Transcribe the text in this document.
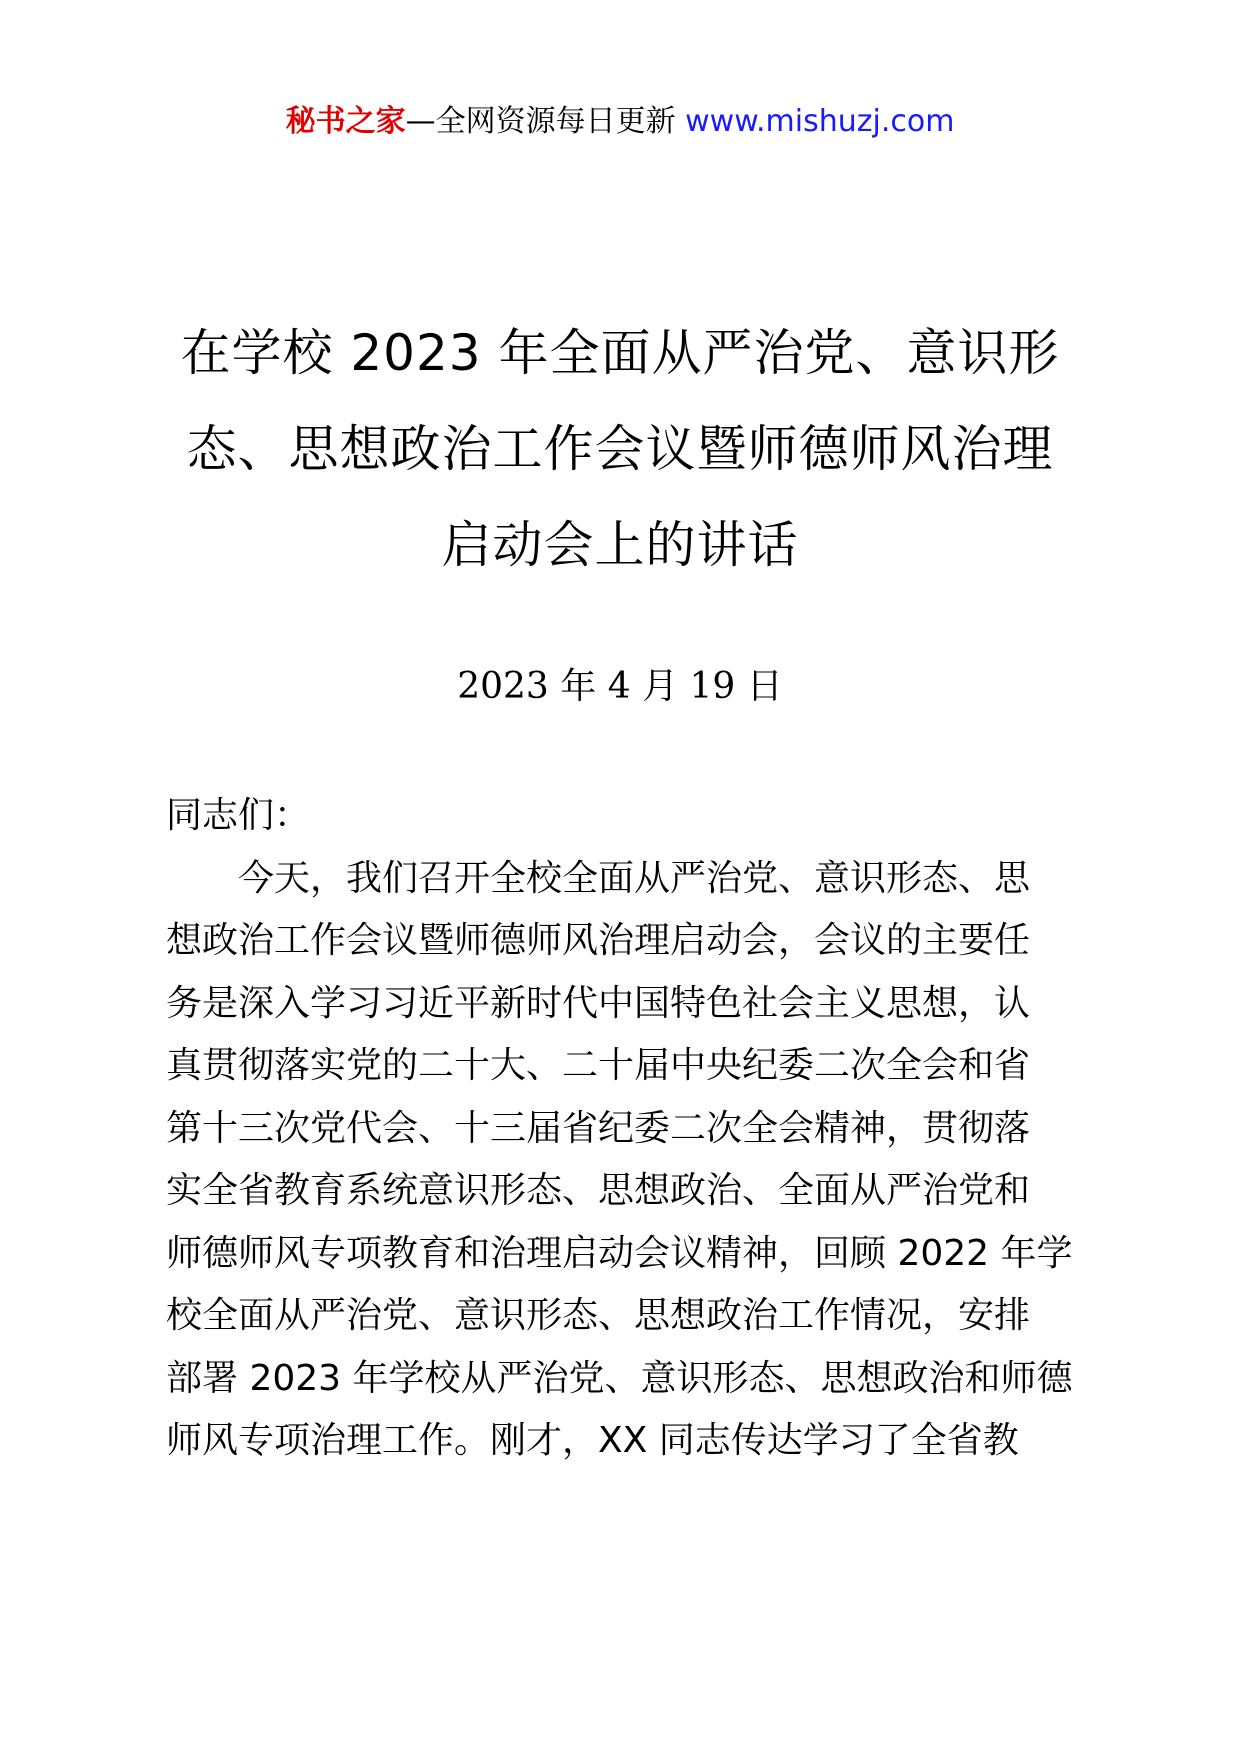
秘书之家—全网资源每日更新 www.mishuzj.com
在学校 2023 年全面从严治党、意识形
态、思想政治工作会议暨师德师风治理
启动会上的讲话
2023 年 4 月 19 日
同志们：
今天，我们召开全校全面从严治党、意识形态、思
想政治工作会议暨师德师风治理启动会，会议的主要任
务是深入学习习近平新时代中国特色社会主义思想，认
真贯彻落实党的二十大、二十届中央纪委二次全会和省
第十三次党代会、十三届省纪委二次全会精神，贯彻落
实全省教育系统意识形态、思想政治、全面从严治党和
师德师风专项教育和治理启动会议精神，回顾 2022 年学
校全面从严治党、意识形态、思想政治工作情况，安排
部署 2023 年学校从严治党、意识形态、思想政治和师德
师风专项治理工作。刚才，XX 同志传达学习了全省教
